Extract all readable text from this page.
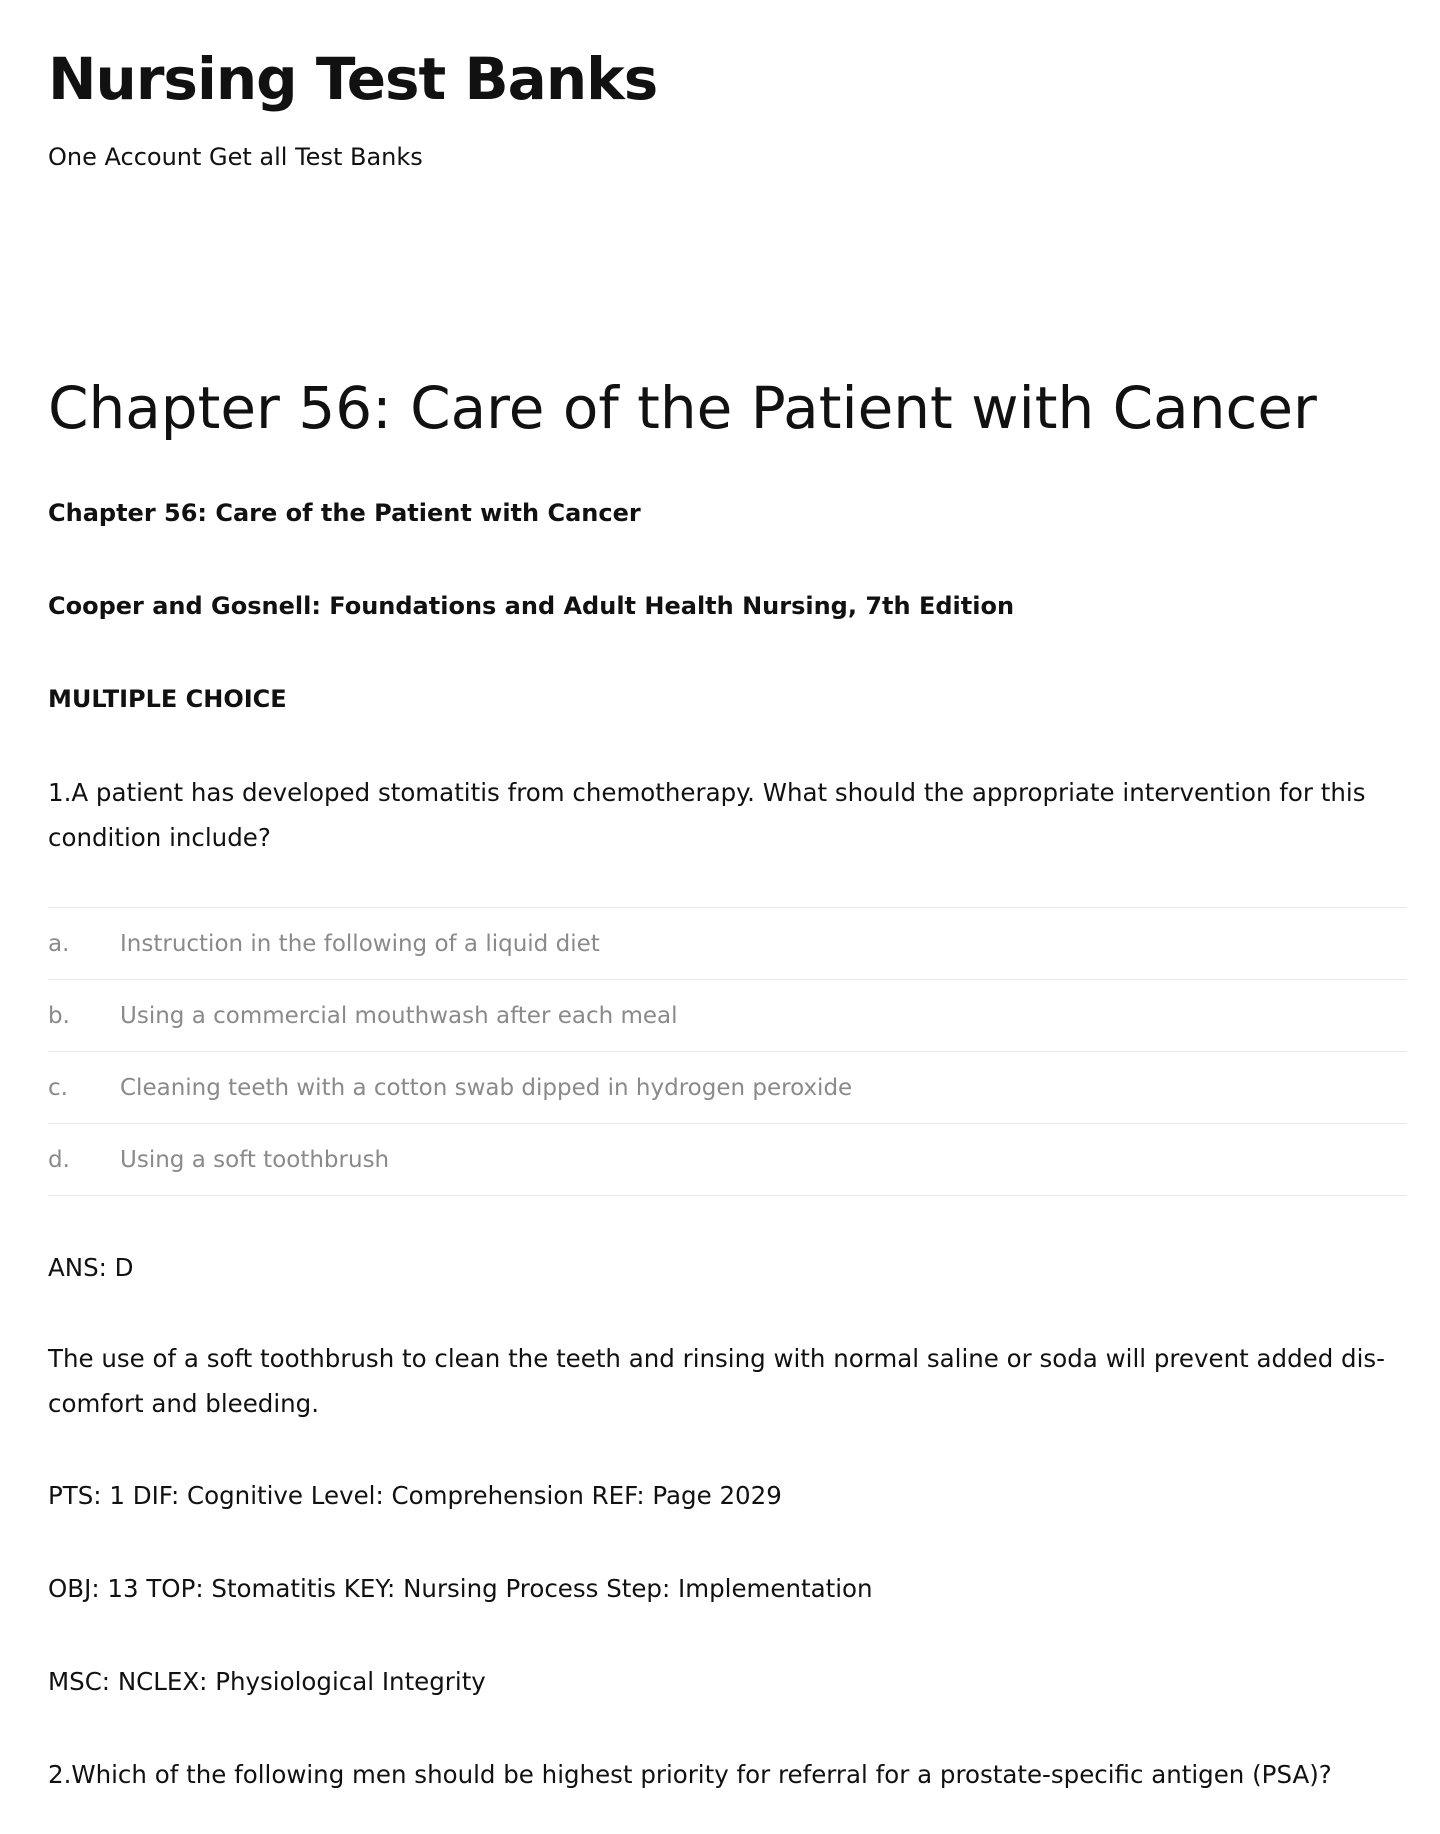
Nursing Test Banks

One Account Get all Test Banks

Chapter 56: Care of the Patient with Cancer

Chapter 56: Care of the Patient with Cancer

Cooper and Gosnell: Foundations and Adult Health Nursing, 7th Edition

MULTIPLE CHOICE

1.A patient has developed stomatitis from chemotherapy. What should the appropriate intervention for this condition include?

a.	Instruction in the following of a liquid diet
b.	Using a commercial mouthwash after each meal
c.	Cleaning teeth with a cotton swab dipped in hydrogen peroxide
d.	Using a soft toothbrush

ANS: D

The use of a soft toothbrush to clean the teeth and rinsing with normal saline or soda will prevent added dis-comfort and bleeding.

PTS: 1 DIF: Cognitive Level: Comprehension REF: Page 2029

OBJ: 13 TOP: Stomatitis KEY: Nursing Process Step: Implementation

MSC: NCLEX: Physiological Integrity

2.Which of the following men should be highest priority for referral for a prostate-specific antigen (PSA)?
